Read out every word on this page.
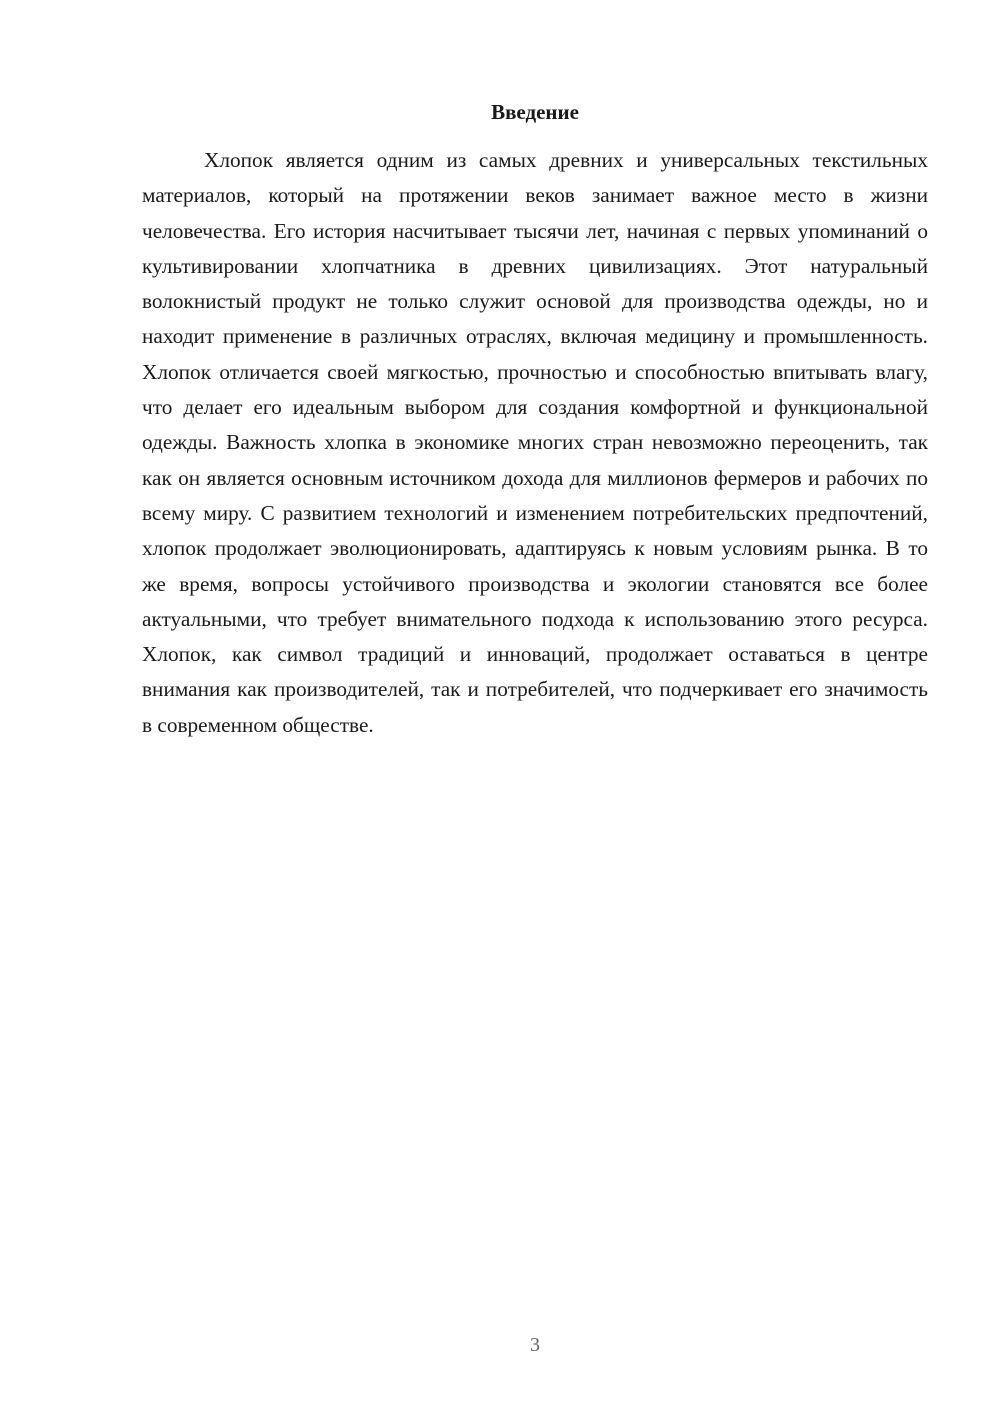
Введение

Хлопок является одним из самых древних и универсальных текстильных материалов, который на протяжении веков занимает важное место в жизни человечества. Его история насчитывает тысячи лет, начиная с первых упоминаний о культивировании хлопчатника в древних цивилизациях. Этот натуральный волокнистый продукт не только служит основой для производства одежды, но и находит применение в различных отраслях, включая медицину и промышленность. Хлопок отличается своей мягкостью, прочностью и способностью впитывать влагу, что делает его идеальным выбором для создания комфортной и функциональной одежды. Важность хлопка в экономике многих стран невозможно переоценить, так как он является основным источником дохода для миллионов фермеров и рабочих по всему миру. С развитием технологий и изменением потребительских предпочтений, хлопок продолжает эволюционировать, адаптируясь к новым условиям рынка. В то же время, вопросы устойчивого производства и экологии становятся все более актуальными, что требует внимательного подхода к использованию этого ресурса. Хлопок, как символ традиций и инноваций, продолжает оставаться в центре внимания как производителей, так и потребителей, что подчеркивает его значимость в современном обществе.

3
